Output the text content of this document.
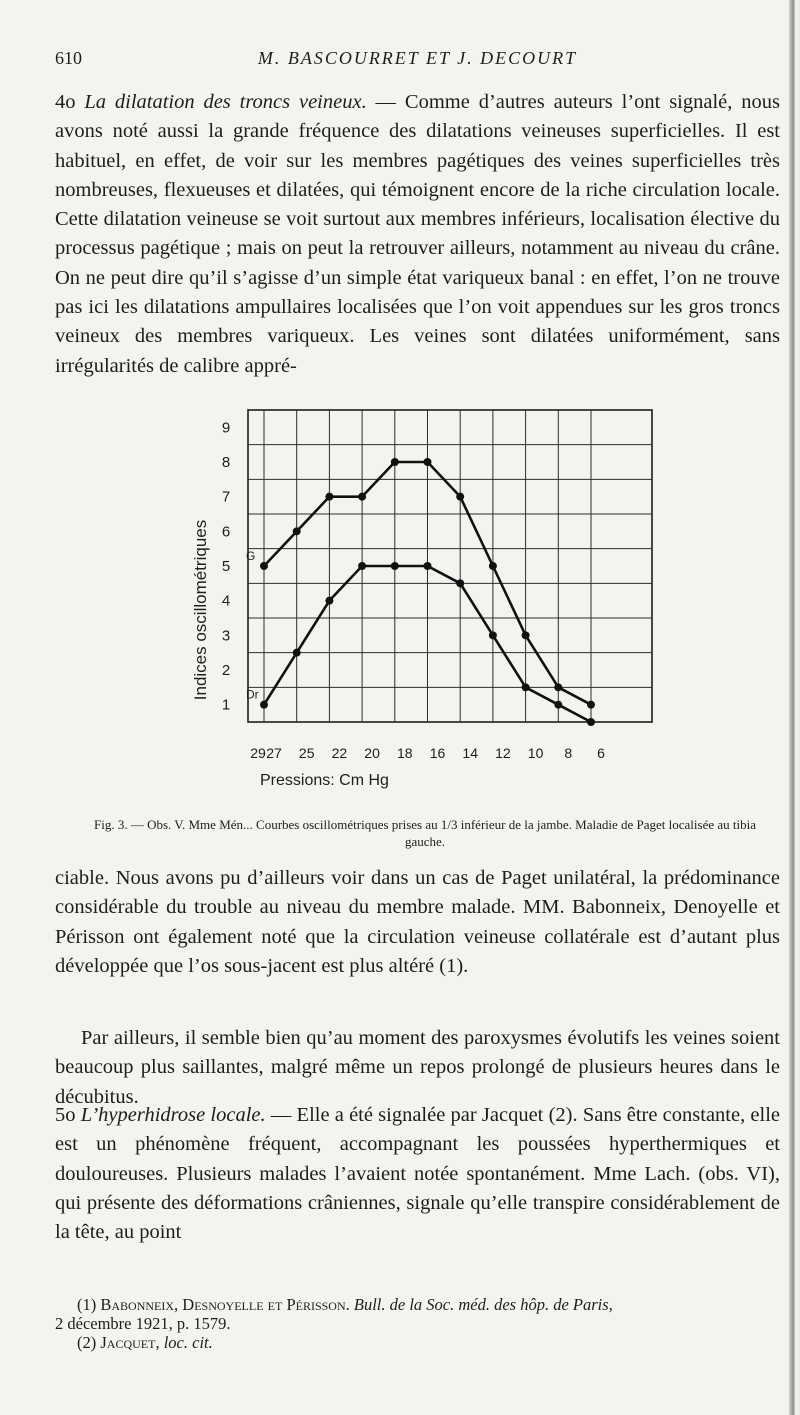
610	M. BASCOURRET ET J. DECOURT

4o La dilatation des troncs veineux. — Comme d’autres auteurs l’ont signalé, nous avons noté aussi la grande fréquence des dilatations veineuses superficielles. Il est habituel, en effet, de voir sur les membres pagétiques des veines superficielles très nombreuses, flexueuses et dilatées, qui témoignent encore de la riche circulation locale. Cette dilatation veineuse se voit surtout aux membres inférieurs, localisation élective du processus pagétique ; mais on peut la retrouver ailleurs, notamment au niveau du crâne. On ne peut dire qu’il s’agisse d’un simple état variqueux banal : en effet, l’on ne trouve pas ici les dilatations ampullaires localisées que l’on voit appendues sur les gros troncs veineux des membres variqueux. Les veines sont dilatées uniformément, sans irrégularités de calibre appré-

1
2
3
4
5
6
7
8
9
29 27 25 22 20 18 16 14 12 10 8 6
G
Dr
Indices oscillométriques
Pressions: Cm Hg

Fig. 3. — Obs. V. Mme Mén... Courbes oscillométriques prises au 1/3 inférieur de la jambe. Maladie de Paget localisée au tibia gauche.

ciable. Nous avons pu d’ailleurs voir dans un cas de Paget unilatéral, la prédominance considérable du trouble au niveau du membre malade. MM. Babonneix, Denoyelle et Périsson ont également noté que la circulation veineuse collatérale est d’autant plus développée que l’os sous-jacent est plus altéré (1).
Par ailleurs, il semble bien qu’au moment des paroxysmes évolutifs les veines soient beaucoup plus saillantes, malgré même un repos prolongé de plusieurs heures dans le décubitus.

5o L’hyperhidrose locale. — Elle a été signalée par Jacquet (2). Sans être constante, elle est un phénomène fréquent, accompagnant les poussées hyperthermiques et douloureuses. Plusieurs malades l’avaient notée spontanément. Mme Lach. (obs. VI), qui présente des déformations crâniennes, signale qu’elle transpire considérablement de la tête, au point

(1) Babonneix, Desnoyelle et Périsson. Bull. de la Soc. méd. des hôp. de Paris,
2 décembre 1921, p. 1579.

(2) Jacquet, loc. cit.
